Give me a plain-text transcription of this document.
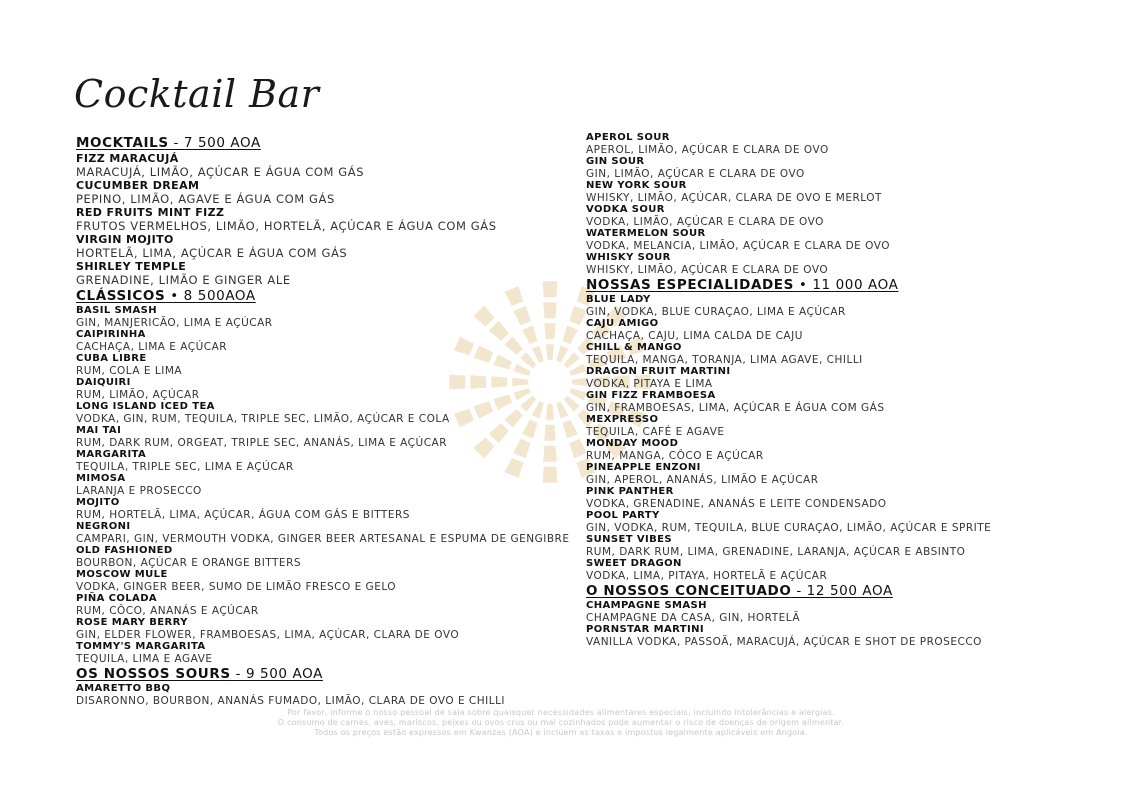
Cocktail Bar
MOCKTAILS - 7 500 AOA
FIZZ MARACUJÁ
MARACUJÁ, LIMÃO, AÇÚCAR E ÁGUA COM GÁS
CUCUMBER DREAM
PEPINO, LIMÃO, AGAVE E ÁGUA COM GÁS
RED FRUITS MINT FIZZ
FRUTOS VERMELHOS, LIMÃO, HORTELÃ, AÇÚCAR E ÁGUA COM GÁS
VIRGIN MOJITO
HORTELÃ, LIMA, AÇÚCAR E ÁGUA COM GÁS
SHIRLEY TEMPLE
GRENADINE, LIMÃO E GINGER ALE
CLÁSSICOS • 8 500AOA
BASIL SMASH
GIN, MANJERICÃO, LIMA E AÇÚCAR
CAIPIRINHA
CACHAÇA, LIMA E AÇÚCAR
CUBA LIBRE
RUM, COLA E LIMA
DAIQUIRI
RUM, LIMÃO, AÇÚCAR
LONG ISLAND ICED TEA
VODKA, GIN, RUM, TEQUILA, TRIPLE SEC, LIMÃO, AÇÚCAR E COLA
MAI TAI
RUM, DARK RUM, ORGEAT, TRIPLE SEC, ANANÁS, LIMA E AÇÚCAR
MARGARITA
TEQUILA, TRIPLE SEC, LIMA E AÇÚCAR
MIMOSA
LARANJA E PROSECCO
MOJITO
RUM, HORTELÃ, LIMA, AÇÚCAR, ÁGUA COM GÁS E BITTERS
NEGRONI
CAMPARI, GIN, VERMOUTH VODKA, GINGER BEER ARTESANAL E ESPUMA DE GENGIBRE
OLD FASHIONED
BOURBON, AÇÚCAR E ORANGE BITTERS
MOSCOW MULE
VODKA, GINGER BEER, SUMO DE LIMÃO FRESCO E GELO
PIÑA COLADA
RUM, CÔCO, ANANÁS E AÇÚCAR
ROSE MARY BERRY
GIN, ELDER FLOWER, FRAMBOESAS, LIMA, AÇÚCAR, CLARA DE OVO
TOMMY'S MARGARITA
TEQUILA, LIMA E AGAVE
OS NOSSOS SOURS - 9 500 AOA
AMARETTO BBQ
DISARONNO, BOURBON, ANANÁS FUMADO, LIMÃO, CLARA DE OVO E CHILLI
APEROL SOUR
APEROL, LIMÃO, AÇÚCAR E CLARA DE OVO
GIN SOUR
GIN, LIMÃO, AÇÚCAR E CLARA DE OVO
NEW YORK SOUR
WHISKY, LIMÃO, AÇÚCAR, CLARA DE OVO E MERLOT
VODKA SOUR
VODKA, LIMÃO, AÇÚCAR E CLARA DE OVO
WATERMELON SOUR
VODKA, MELANCIA, LIMÃO, AÇÚCAR E CLARA DE OVO
WHISKY SOUR
WHISKY, LIMÃO, AÇÚCAR E CLARA DE OVO
NOSSAS ESPECIALIDADES • 11 000 AOA
BLUE LADY
GIN, VODKA, BLUE CURAÇAO, LIMA E AÇÚCAR
CAJU AMIGO
CACHAÇA, CAJU, LIMA CALDA DE CAJU
CHILL & MANGO
TEQUILA, MANGA, TORANJA, LIMA AGAVE, CHILLI
DRAGON FRUIT MARTINI
VODKA, PITAYA E LIMA
GIN FIZZ FRAMBOESA
GIN, FRAMBOESAS, LIMA, AÇÚCAR E ÁGUA COM GÁS
MEXPRESSO
TEQUILA, CAFÉ E AGAVE
MONDAY MOOD
RUM, MANGA, CÔCO E AÇÚCAR
PINEAPPLE ENZONI
GIN, APEROL, ANANÁS, LIMÃO E AÇÚCAR
PINK PANTHER
VODKA, GRENADINE, ANANÁS E LEITE CONDENSADO
POOL PARTY
GIN, VODKA, RUM, TEQUILA, BLUE CURAÇAO, LIMÃO, AÇÚCAR E SPRITE
SUNSET VIBES
RUM, DARK RUM, LIMA, GRENADINE, LARANJA, AÇÚCAR E ABSINTO
SWEET DRAGON
VODKA, LIMA, PITAYA, HORTELÃ E AÇÚCAR
O NOSSOS CONCEITUADO - 12 500 AOA
CHAMPAGNE SMASH
CHAMPAGNE DA CASA, GIN, HORTELÃ
PORNSTAR MARTINI
VANILLA VODKA, PASSOÃ, MARACUJÁ, AÇÚCAR E SHOT DE PROSECCO
Por favor, informe o nosso pessoal de sala sobre quaisquer necessidades alimentares especiais, incluindo intolerâncias e alergias.
O consumo de carnes, aves, mariscos, peixes ou ovos crus ou mal cozinhados pode aumentar o risco de doenças de origem alimentar.
Todos os preços estão expressos em Kwanzas (AOA) e incluem as taxas e impostos legalmente aplicáveis em Angola.
